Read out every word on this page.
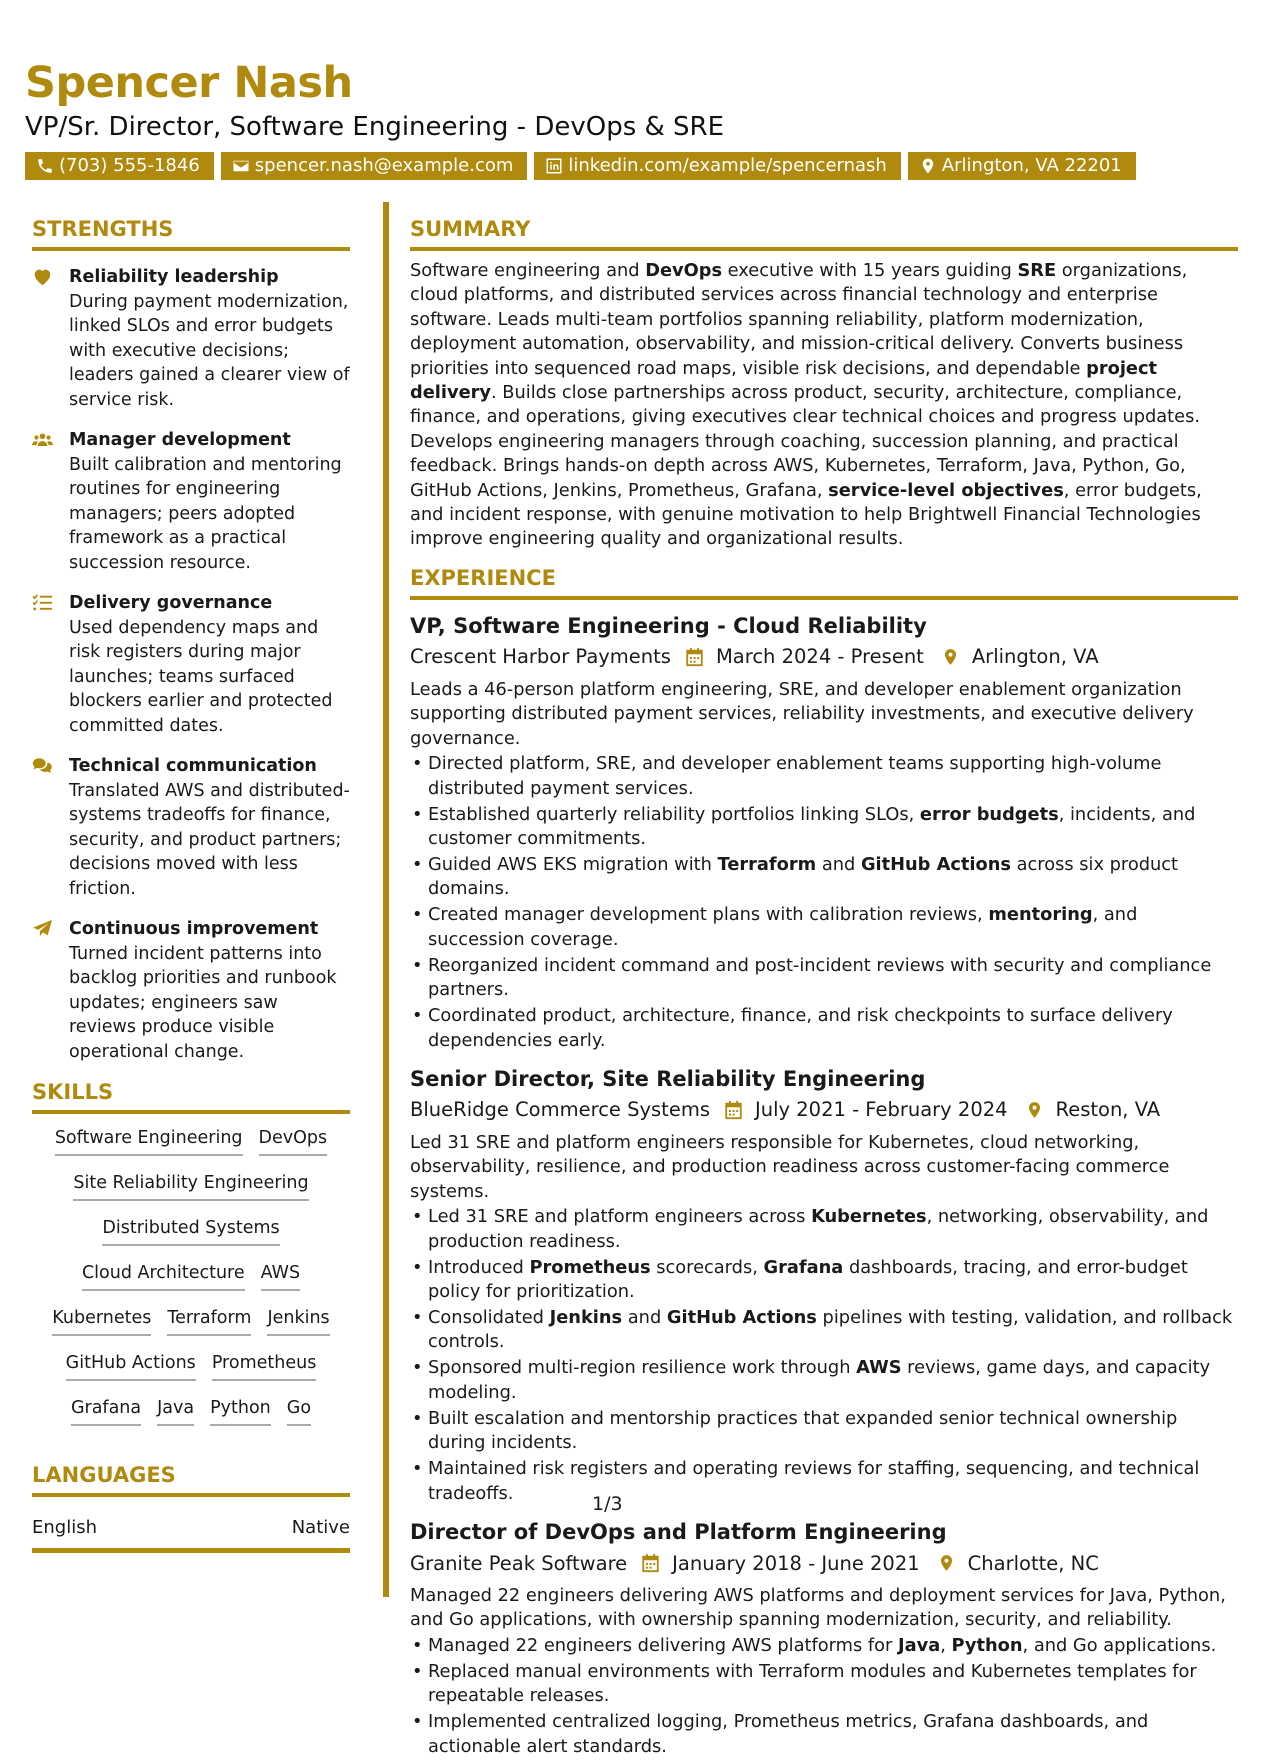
Spencer Nash
VP/Sr. Director, Software Engineering - DevOps & SRE
(703) 555-1846	spencer.nash@example.com	linkedin.com/example/spencernash	Arlington, VA 22201
STRENGTHS
Reliability leadership
During payment modernization, linked SLOs and error budgets with executive decisions; leaders gained a clearer view of service risk.
Manager development
Built calibration and mentoring routines for engineering managers; peers adopted framework as a practical succession resource.
Delivery governance
Used dependency maps and risk registers during major launches; teams surfaced blockers earlier and protected committed dates.
Technical communication
Translated AWS and distributed-systems tradeoffs for finance, security, and product partners; decisions moved with less friction.
Continuous improvement
Turned incident patterns into backlog priorities and runbook updates; engineers saw reviews produce visible operational change.
SKILLS
Software Engineering DevOps
Site Reliability Engineering
Distributed Systems
Cloud Architecture AWS
Kubernetes Terraform Jenkins
GitHub Actions Prometheus
Grafana Java Python Go
LANGUAGES
English	Native
SUMMARY

Software engineering and DevOps executive with 15 years guiding SRE organizations, cloud platforms, and distributed services across financial technology and enterprise software. Leads multi-team portfolios spanning reliability, platform modernization, deployment automation, observability, and mission-critical delivery. Converts business priorities into sequenced road maps, visible risk decisions, and dependable project delivery. Builds close partnerships across product, security, architecture, compliance, finance, and operations, giving executives clear technical choices and progress updates. Develops engineering managers through coaching, succession planning, and practical feedback. Brings hands-on depth across AWS, Kubernetes, Terraform, Java, Python, Go, GitHub Actions, Jenkins, Prometheus, Grafana, service-level objectives, error budgets, and incident response, with genuine motivation to help Brightwell Financial Technologies improve engineering quality and organizational results.

EXPERIENCE
VP, Software Engineering - Cloud Reliability
Crescent Harbor Payments March 2024 - Present Arlington, VA
Leads a 46-person platform engineering, SRE, and developer enablement organization supporting distributed payment services, reliability investments, and executive delivery governance.
• Directed platform, SRE, and developer enablement teams supporting high-volume distributed payment services.
• Established quarterly reliability portfolios linking SLOs, error budgets, incidents, and customer commitments.
• Guided AWS EKS migration with Terraform and GitHub Actions across six product domains.
• Created manager development plans with calibration reviews, mentoring, and succession coverage.
• Reorganized incident command and post-incident reviews with security and compliance partners.
• Coordinated product, architecture, finance, and risk checkpoints to surface delivery dependencies early.
Senior Director, Site Reliability Engineering
BlueRidge Commerce Systems July 2021 - February 2024 Reston, VA
Led 31 SRE and platform engineers responsible for Kubernetes, cloud networking, observability, resilience, and production readiness across customer-facing commerce systems.
• Led 31 SRE and platform engineers across Kubernetes, networking, observability, and production readiness.
• Introduced Prometheus scorecards, Grafana dashboards, tracing, and error-budget policy for prioritization.
• Consolidated Jenkins and GitHub Actions pipelines with testing, validation, and rollback controls.
• Sponsored multi-region resilience work through AWS reviews, game days, and capacity modeling.
• Built escalation and mentorship practices that expanded senior technical ownership during incidents.
• Maintained risk registers and operating reviews for staffing, sequencing, and technical tradeoffs.
Director of DevOps and Platform Engineering
Granite Peak Software January 2018 - June 2021 Charlotte, NC
Managed 22 engineers delivering AWS platforms and deployment services for Java, Python, and Go applications, with ownership spanning modernization, security, and reliability.
• Managed 22 engineers delivering AWS platforms for Java, Python, and Go applications.
• Replaced manual environments with Terraform modules and Kubernetes templates for repeatable releases.
• Implemented centralized logging, Prometheus metrics, Grafana dashboards, and actionable alert standards.
1/3
